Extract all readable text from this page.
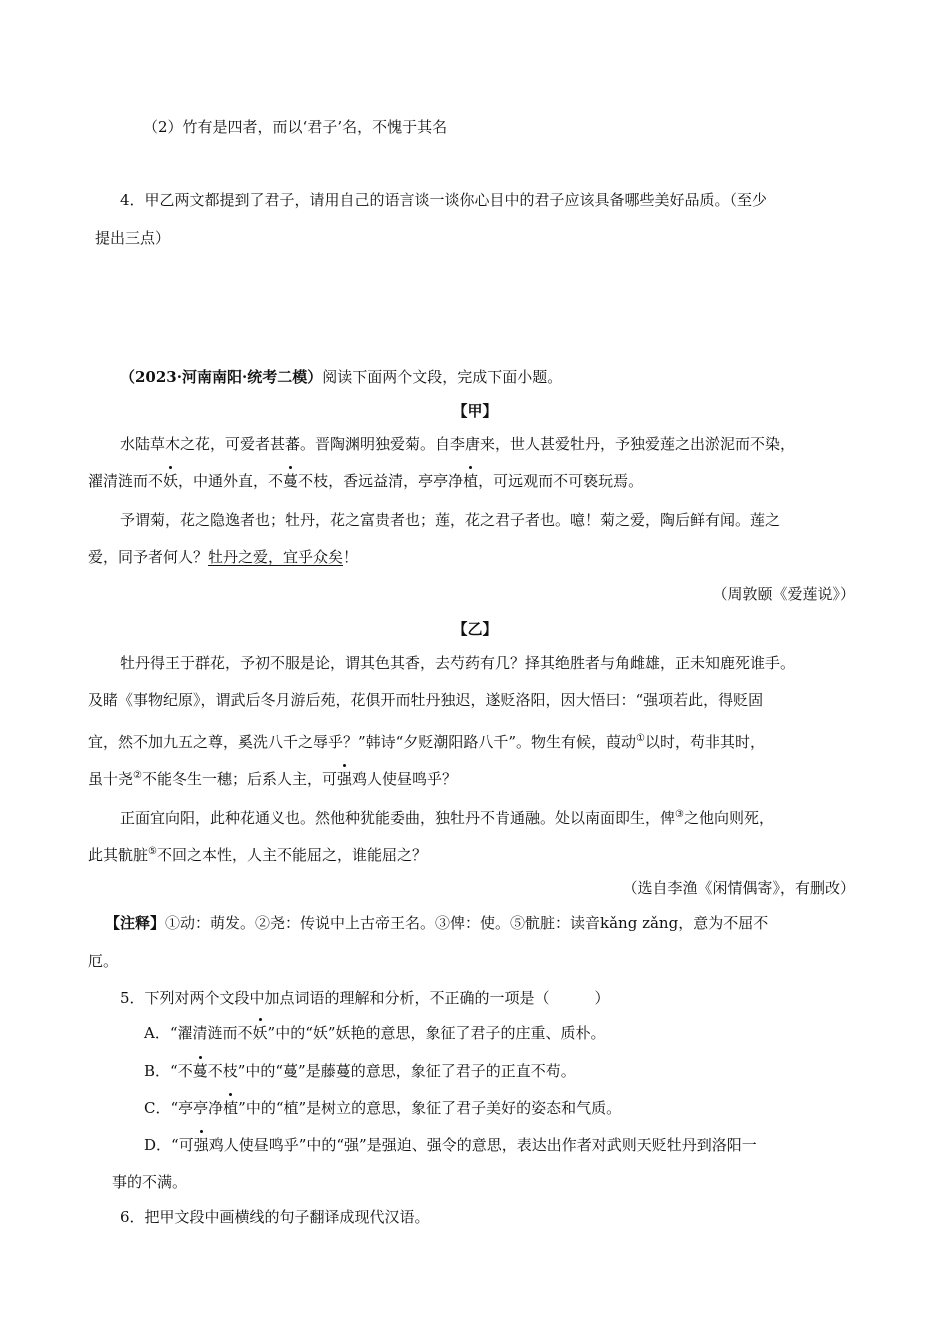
（2）竹有是四者，而以‘君子’名，不愧于其名
4．甲乙两文都提到了君子，请用自己的语言谈一谈你心目中的君子应该具备哪些美好品质。（至少
提出三点）
（2023·河南南阳·统考二模）阅读下面两个文段，完成下面小题。
【甲】
水陆草木之花，可爱者甚蕃。晋陶渊明独爱菊。自李唐来，世人甚爱牡丹，予独爱莲之出淤泥而不染，
濯清涟而不妖，中通外直，不蔓不枝，香远益清，亭亭净植，可远观而不可亵玩焉。
予谓菊，花之隐逸者也；牡丹，花之富贵者也；莲，花之君子者也。噫！菊之爱，陶后鲜有闻。莲之
爱，同予者何人？牡丹之爱，宜乎众矣！
（周敦颐《爱莲说》）
【乙】
牡丹得王于群花，予初不服是论，谓其色其香，去芍药有几？择其绝胜者与角雌雄，正未知鹿死谁手。
及睹《事物纪原》，谓武后冬月游后苑，花俱开而牡丹独迟，遂贬洛阳，因大悟曰：“强项若此，得贬固
宜，然不加九五之尊，奚洗八千之辱乎？”韩诗“夕贬潮阳路八千”。物生有候，葭动①以时，苟非其时，
虽十尧②不能冬生一穗；后系人主，可强鸡人使昼鸣乎？
正面宜向阳，此种花通义也。然他种犹能委曲，独牡丹不肯通融。处以南面即生，俾③之他向则死，
此其骯脏⑤不回之本性，人主不能屈之，谁能屈之？
（选自李渔《闲情偶寄》，有删改）
【注释】①动：萌发。②尧：传说中上古帝王名。③俾：使。⑤骯脏：读音kǎng zǎng，意为不屈不
厄。
5．下列对两个文段中加点词语的理解和分析，不正确的一项是（　　　）
A．“濯清涟而不妖”中的“妖”妖艳的意思，象征了君子的庄重、质朴。
B．“不蔓不枝”中的“蔓”是藤蔓的意思，象征了君子的正直不苟。
C．“亭亭净植”中的“植”是树立的意思，象征了君子美好的姿态和气质。
D．“可强鸡人使昼鸣乎”中的“强”是强迫、强令的意思，表达出作者对武则天贬牡丹到洛阳一
事的不满。
6．把甲文段中画横线的句子翻译成现代汉语。
